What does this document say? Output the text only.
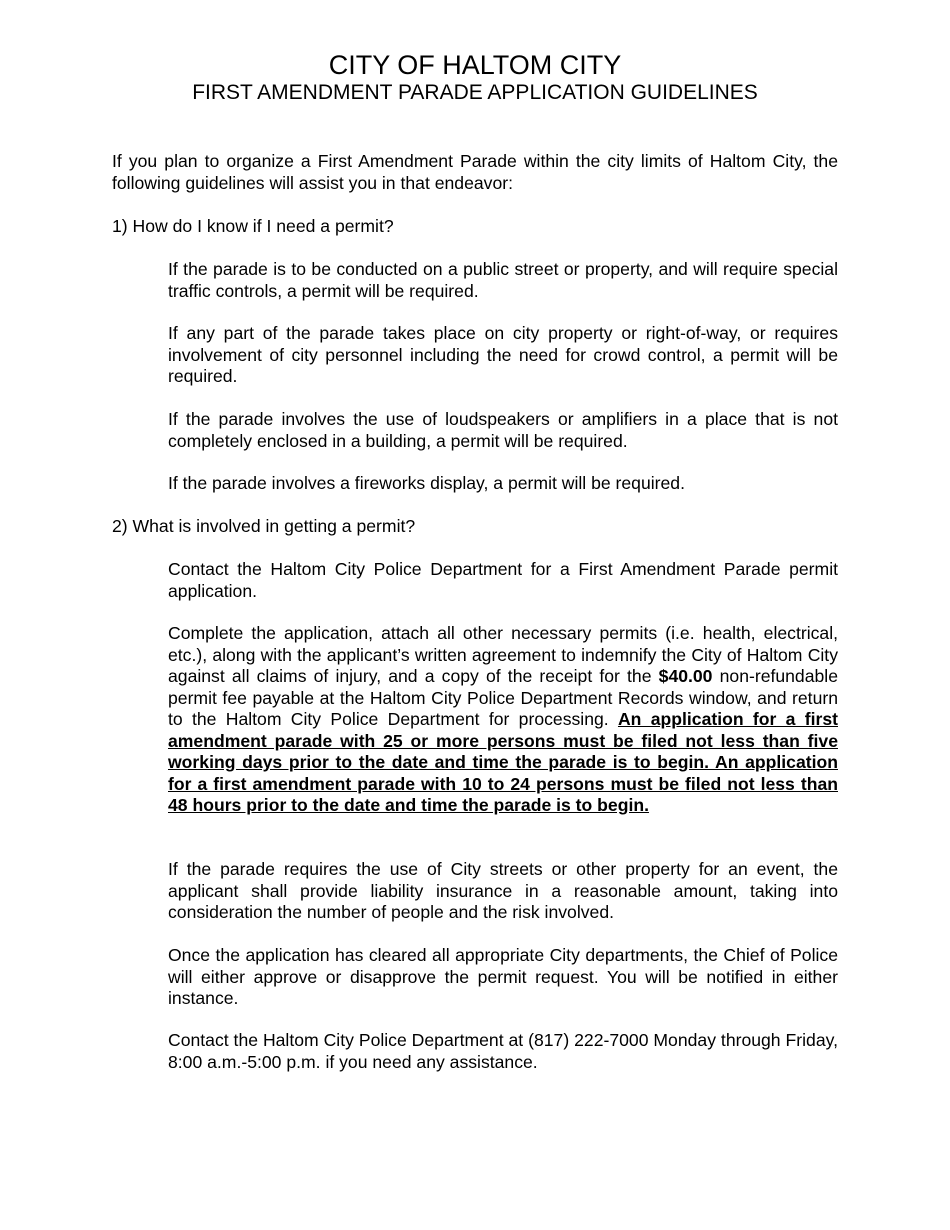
CITY OF HALTOM CITY
FIRST AMENDMENT PARADE APPLICATION GUIDELINES

If you plan to organize a First Amendment Parade within the city limits of Haltom City, the following guidelines will assist you in that endeavor:

1) How do I know if I need a permit?

If the parade is to be conducted on a public street or property, and will require special traffic controls, a permit will be required.

If any part of the parade takes place on city property or right-of-way, or requires involvement of city personnel including the need for crowd control, a permit will be required.

If the parade involves the use of loudspeakers or amplifiers in a place that is not completely enclosed in a building, a permit will be required.

If the parade involves a fireworks display, a permit will be required.

2) What is involved in getting a permit?

Contact the Haltom City Police Department for a First Amendment Parade permit application.

Complete the application, attach all other necessary permits (i.e. health, electrical, etc.), along with the applicant’s written agreement to indemnify the City of Haltom City against all claims of injury, and a copy of the receipt for the $40.00 non-refundable permit fee payable at the Haltom City Police Department Records window, and return to the Haltom City Police Department for processing. An application for a first amendment parade with 25 or more persons must be filed not less than five working days prior to the date and time the parade is to begin. An application for a first amendment parade with 10 to 24 persons must be filed not less than 48 hours prior to the date and time the parade is to begin.

If the parade requires the use of City streets or other property for an event, the applicant shall provide liability insurance in a reasonable amount, taking into consideration the number of people and the risk involved.

Once the application has cleared all appropriate City departments, the Chief of Police will either approve or disapprove the permit request. You will be notified in either instance.

Contact the Haltom City Police Department at (817) 222-7000 Monday through Friday, 8:00 a.m.-5:00 p.m. if you need any assistance.
